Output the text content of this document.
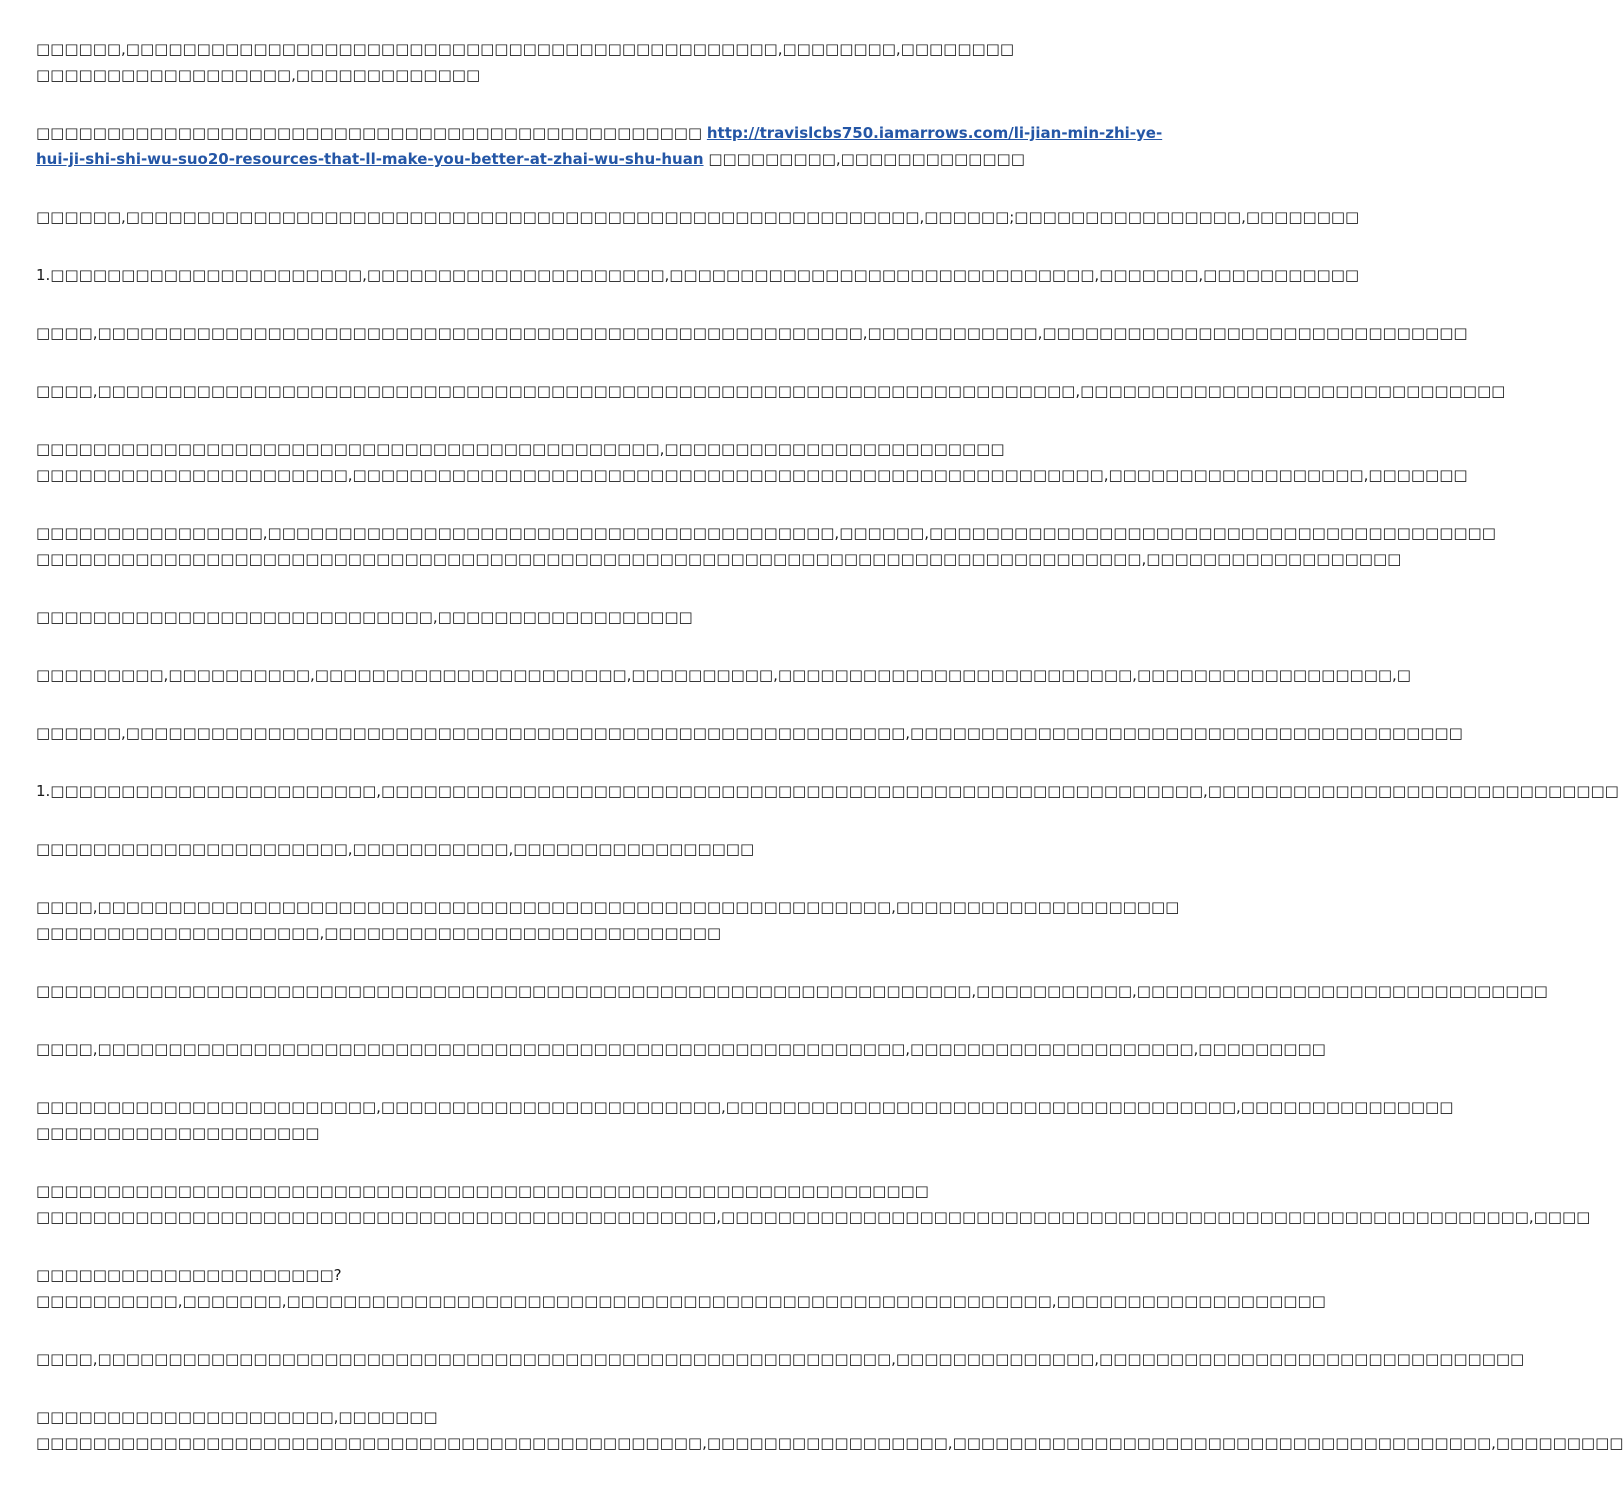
□□□□□□,□□□□□□□□□□□□□□□□□□□□□□□□□□□□□□□□□□□□□□□□□□□□□□,□□□□□□□□,□□□□□□□□
□□□□□□□□□□□□□□□□□□,□□□□□□□□□□□□□

□□□□□□□□□□□□□□□□□□□□□□□□□□□□□□□□□□□□□□□□□□□□□□□ http://travislcbs750.iamarrows.com/li-jian-min-zhi-ye-
hui-ji-shi-shi-wu-suo20-resources-that-ll-make-you-better-at-zhai-wu-shu-huan □□□□□□□□□,□□□□□□□□□□□□□

□□□□□□,□□□□□□□□□□□□□□□□□□□□□□□□□□□□□□□□□□□□□□□□□□□□□□□□□□□□□□□□,□□□□□□;□□□□□□□□□□□□□□□□,□□□□□□□□

1.□□□□□□□□□□□□□□□□□□□□□□,□□□□□□□□□□□□□□□□□□□□□,□□□□□□□□□□□□□□□□□□□□□□□□□□□□□□,□□□□□□□,□□□□□□□□□□□

□□□□,□□□□□□□□□□□□□□□□□□□□□□□□□□□□□□□□□□□□□□□□□□□□□□□□□□□□□□,□□□□□□□□□□□□,□□□□□□□□□□□□□□□□□□□□□□□□□□□□□□

□□□□,□□□□□□□□□□□□□□□□□□□□□□□□□□□□□□□□□□□□□□□□□□□□□□□□□□□□□□□□□□□□□□□□□□□□□,□□□□□□□□□□□□□□□□□□□□□□□□□□□□□□

□□□□□□□□□□□□□□□□□□□□□□□□□□□□□□□□□□□□□□□□□□□□,□□□□□□□□□□□□□□□□□□□□□□□□
□□□□□□□□□□□□□□□□□□□□□□,□□□□□□□□□□□□□□□□□□□□□□□□□□□□□□□□□□□□□□□□□□□□□□□□□□□□□,□□□□□□□□□□□□□□□□□□,□□□□□□□

□□□□□□□□□□□□□□□□,□□□□□□□□□□□□□□□□□□□□□□□□□□□□□□□□□□□□□□□□,□□□□□□,□□□□□□□□□□□□□□□□□□□□□□□□□□□□□□□□□□□□□□□□
□□□□□□□□□□□□□□□□□□□□□□□□□□□□□□□□□□□□□□□□□□□□□□□□□□□□□□□□□□□□□□□□□□□□□□□□□□□□□□,□□□□□□□□□□□□□□□□□□

□□□□□□□□□□□□□□□□□□□□□□□□□□□□,□□□□□□□□□□□□□□□□□□

□□□□□□□□□,□□□□□□□□□□,□□□□□□□□□□□□□□□□□□□□□□,□□□□□□□□□□,□□□□□□□□□□□□□□□□□□□□□□□□□,□□□□□□□□□□□□□□□□□□,□

□□□□□□,□□□□□□□□□□□□□□□□□□□□□□□□□□□□□□□□□□□□□□□□□□□□□□□□□□□□□□□,□□□□□□□□□□□□□□□□□□□□□□□□□□□□□□□□□□□□□□□

1.□□□□□□□□□□□□□□□□□□□□□□□,□□□□□□□□□□□□□□□□□□□□□□□□□□□□□□□□□□□□□□□□□□□□□□□□□□□□□□□□□□,□□□□□□□□□□□□□□□□□□□□□□□□□□□□□

□□□□□□□□□□□□□□□□□□□□□□,□□□□□□□□□□□,□□□□□□□□□□□□□□□□□

□□□□,□□□□□□□□□□□□□□□□□□□□□□□□□□□□□□□□□□□□□□□□□□□□□□□□□□□□□□□□,□□□□□□□□□□□□□□□□□□□□
□□□□□□□□□□□□□□□□□□□□,□□□□□□□□□□□□□□□□□□□□□□□□□□□□

□□□□□□□□□□□□□□□□□□□□□□□□□□□□□□□□□□□□□□□□□□□□□□□□□□□□□□□□□□□□□□□□□□,□□□□□□□□□□□,□□□□□□□□□□□□□□□□□□□□□□□□□□□□□

□□□□,□□□□□□□□□□□□□□□□□□□□□□□□□□□□□□□□□□□□□□□□□□□□□□□□□□□□□□□□□,□□□□□□□□□□□□□□□□□□□□,□□□□□□□□□

□□□□□□□□□□□□□□□□□□□□□□□□,□□□□□□□□□□□□□□□□□□□□□□□□,□□□□□□□□□□□□□□□□□□□□□□□□□□□□□□□□□□□□,□□□□□□□□□□□□□□□
□□□□□□□□□□□□□□□□□□□□

□□□□□□□□□□□□□□□□□□□□□□□□□□□□□□□□□□□□□□□□□□□□□□□□□□□□□□□□□□□□□□□
□□□□□□□□□□□□□□□□□□□□□□□□□□□□□□□□□□□□□□□□□□□□□□□□,□□□□□□□□□□□□□□□□□□□□□□□□□□□□□□□□□□□□□□□□□□□□□□□□□□□□□□□□□,□□□□

□□□□□□□□□□□□□□□□□□□□□?
□□□□□□□□□□,□□□□□□□,□□□□□□□□□□□□□□□□□□□□□□□□□□□□□□□□□□□□□□□□□□□□□□□□□□□□□□,□□□□□□□□□□□□□□□□□□□

□□□□,□□□□□□□□□□□□□□□□□□□□□□□□□□□□□□□□□□□□□□□□□□□□□□□□□□□□□□□□,□□□□□□□□□□□□□□,□□□□□□□□□□□□□□□□□□□□□□□□□□□□□□

□□□□□□□□□□□□□□□□□□□□□,□□□□□□□
□□□□□□□□□□□□□□□□□□□□□□□□□□□□□□□□□□□□□□□□□□□□□□□,□□□□□□□□□□□□□□□□□,□□□□□□□□□□□□□□□□□□□□□□□□□□□□□□□□□□□□□□,□□□□□□□□□
